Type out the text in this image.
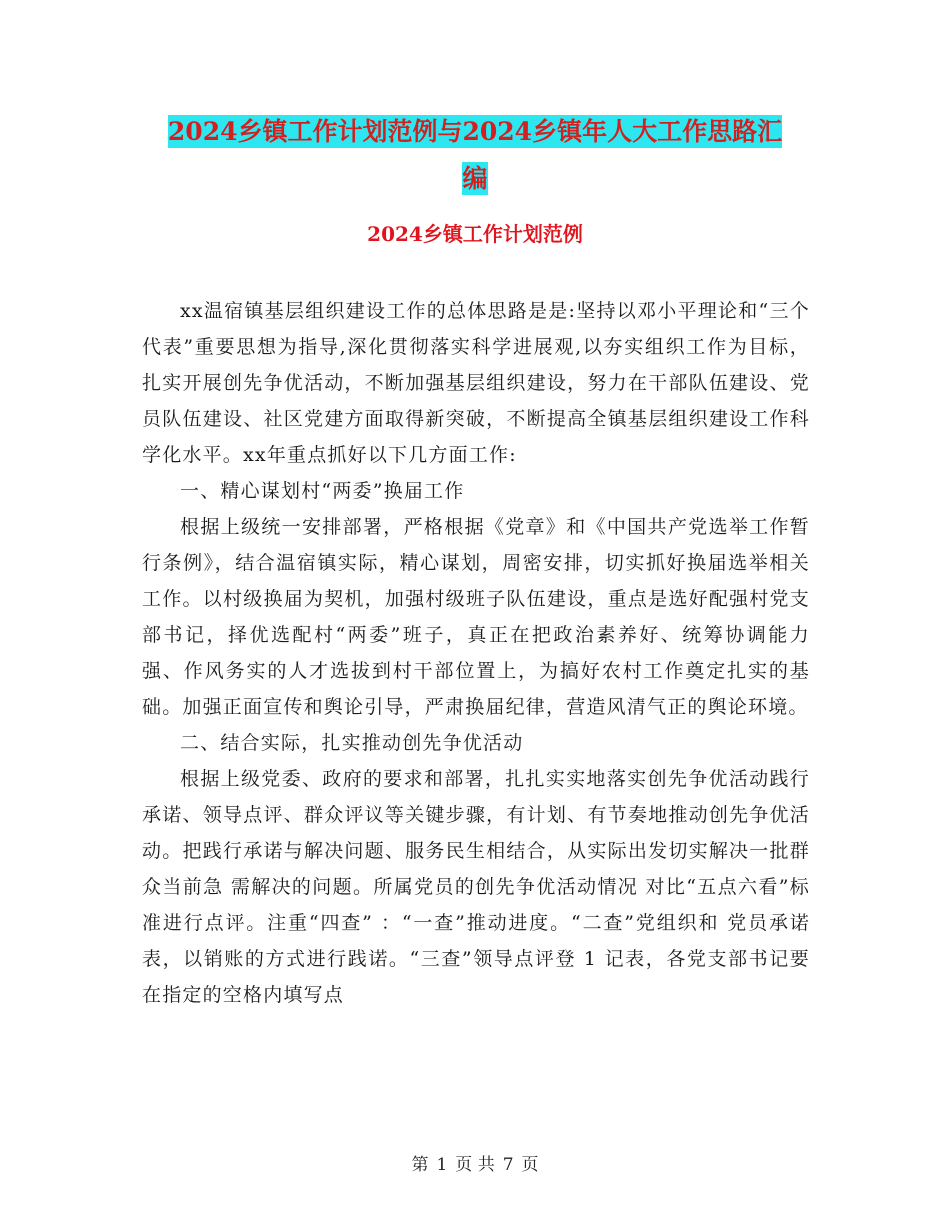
2024乡镇工作计划范例与2024乡镇年人大工作思路汇
编
2024乡镇工作计划范例

xx温宿镇基层组织建设工作的总体思路是是:坚持以邓小平理论和“三个代表”重要思想为指导,深化贯彻落实科学进展观,以夯实组织工作为目标，扎实开展创先争优活动，不断加强基层组织建设，努力在干部队伍建设、党员队伍建设、社区党建方面取得新突破，不断提高全镇基层组织建设工作科学化水平。xx年重点抓好以下几方面工作:

一、精心谋划村“两委”换届工作

根据上级统一安排部署，严格根据《党章》和《中国共产党选举工作暂行条例》，结合温宿镇实际，精心谋划，周密安排，切实抓好换届选举相关工作。以村级换届为契机，加强村级班子队伍建设，重点是选好配强村党支部书记，择优选配村“两委”班子，真正在把政治素养好、统筹协调能力强、作风务实的人才选拔到村干部位置上，为搞好农村工作奠定扎实的基础。加强正面宣传和舆论引导，严肃换届纪律，营造风清气正的舆论环境。

二、结合实际，扎实推动创先争优活动

根据上级党委、政府的要求和部署，扎扎实实地落实创先争优活动践行承诺、领导点评、群众评议等关键步骤，有计划、有节奏地推动创先争优活动。把践行承诺与解决问题、服务民生相结合，从实际出发切实解决一批群众当前急 需解决的问题。所属党员的创先争优活动情况 对比“五点六看”标准进行点评。注重“四查” ：“一查”推动进度。“二查”党组织和 党员承诺表，以销账的方式进行践诺。“三查”领导点评登 1 记表，各党支部书记要在指定的空格内填写点

第 1 页 共 7 页
